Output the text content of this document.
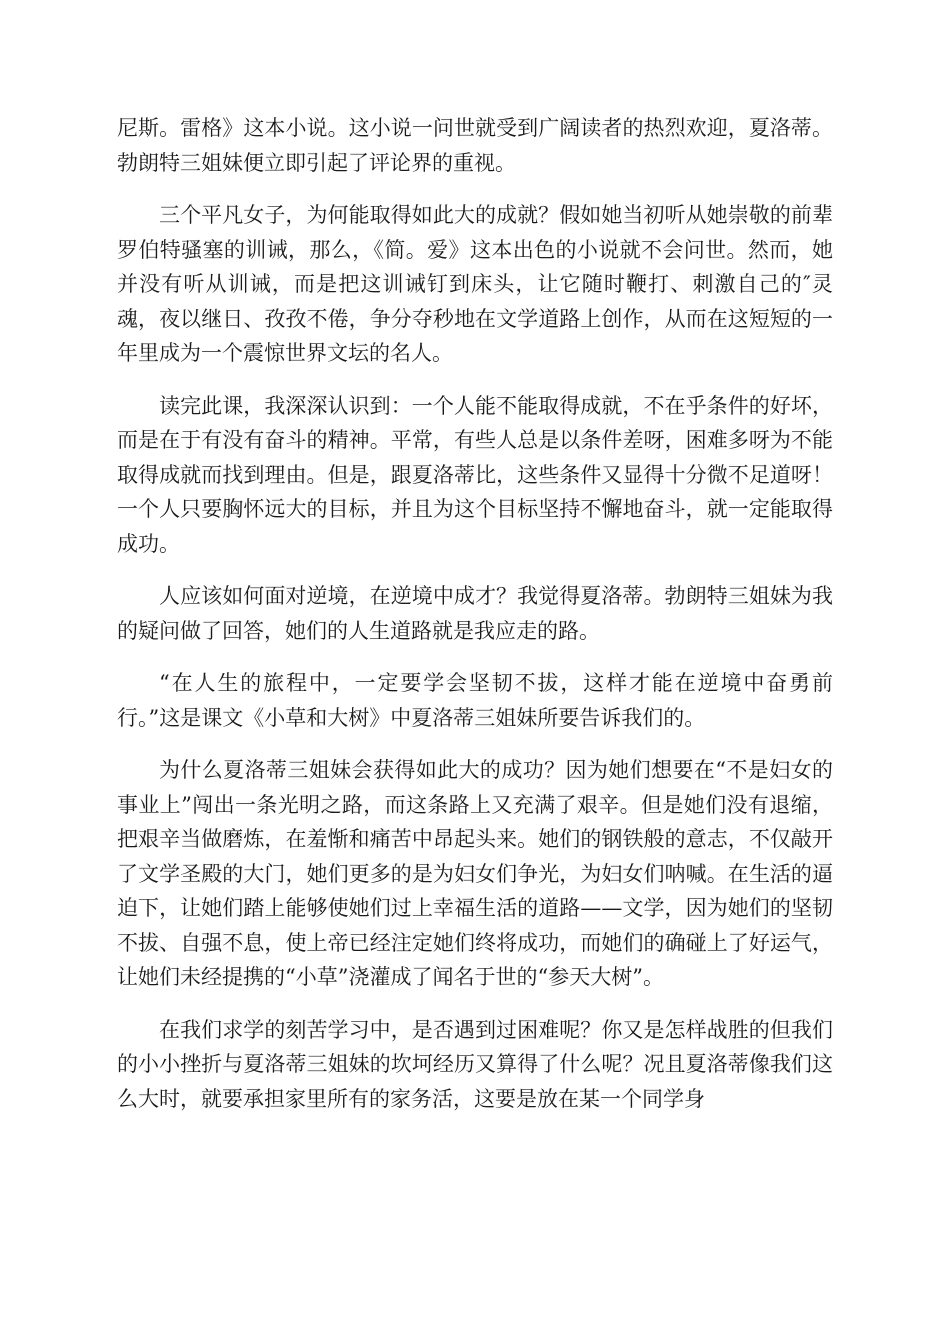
尼斯。雷格》这本小说。这小说一问世就受到广阔读者的热烈欢迎，夏洛蒂。勃朗特三姐妹便立即引起了评论界的重视。

三个平凡女子，为何能取得如此大的成就？假如她当初听从她崇敬的前辈罗伯特骚塞的训诫，那么，《简。爱》这本出色的小说就不会问世。然而，她并没有听从训诫，而是把这训诫钉到床头，让它随时鞭打、刺激自己的″灵魂，夜以继日、孜孜不倦，争分夺秒地在文学道路上创作，从而在这短短的一年里成为一个震惊世界文坛的名人。

读完此课，我深深认识到：一个人能不能取得成就，不在乎条件的好坏，而是在于有没有奋斗的精神。平常，有些人总是以条件差呀，困难多呀为不能取得成就而找到理由。但是，跟夏洛蒂比，这些条件又显得十分微不足道呀！一个人只要胸怀远大的目标，并且为这个目标坚持不懈地奋斗，就一定能取得成功。

人应该如何面对逆境，在逆境中成才？我觉得夏洛蒂。勃朗特三姐妹为我的疑问做了回答，她们的人生道路就是我应走的路。

“在人生的旅程中，一定要学会坚韧不拔，这样才能在逆境中奋勇前行。”这是课文《小草和大树》中夏洛蒂三姐妹所要告诉我们的。

为什么夏洛蒂三姐妹会获得如此大的成功？因为她们想要在“不是妇女的事业上”闯出一条光明之路，而这条路上又充满了艰辛。但是她们没有退缩，把艰辛当做磨炼，在羞惭和痛苦中昂起头来。她们的钢铁般的意志，不仅敲开了文学圣殿的大门，她们更多的是为妇女们争光，为妇女们呐喊。在生活的逼迫下，让她们踏上能够使她们过上幸福生活的道路——文学，因为她们的坚韧不拔、自强不息，使上帝已经注定她们终将成功，而她们的确碰上了好运气，让她们未经提携的“小草”浇灌成了闻名于世的“参天大树”。

在我们求学的刻苦学习中，是否遇到过困难呢？你又是怎样战胜的但我们的小小挫折与夏洛蒂三姐妹的坎坷经历又算得了什么呢？况且夏洛蒂像我们这么大时，就要承担家里所有的家务活，这要是放在某一个同学身
